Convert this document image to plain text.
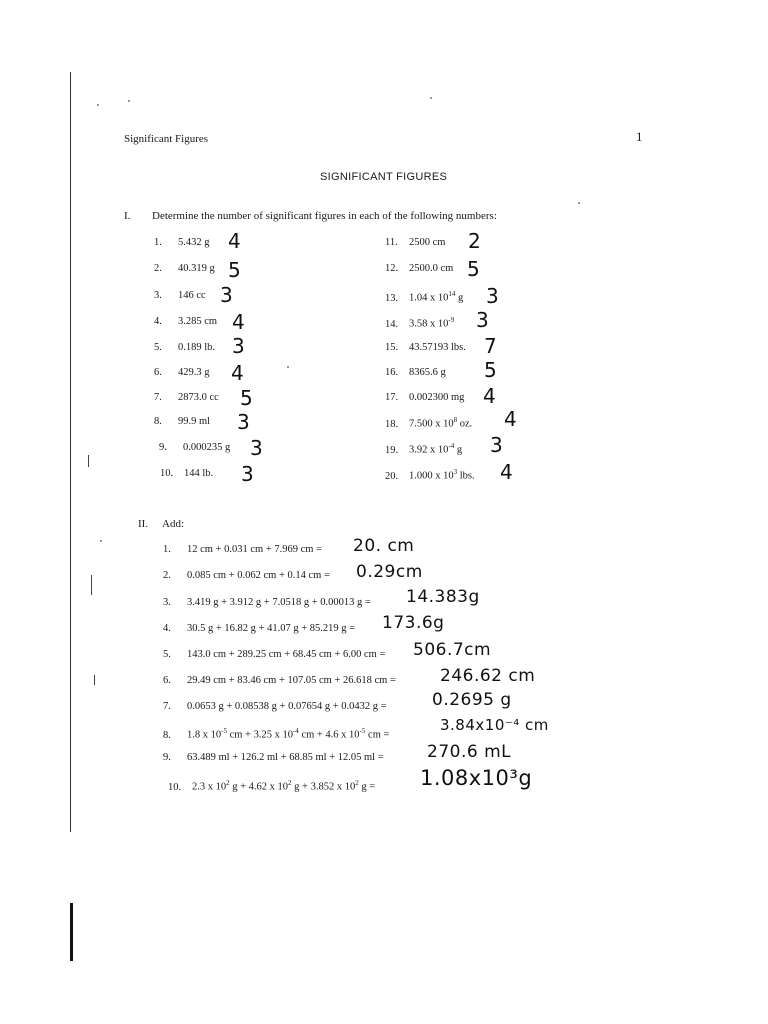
Significant Figures	1
SIGNIFICANT FIGURES
I. Determine the number of significant figures in each of the following numbers:
1. 5.432 g
2. 40.319 g
3. 146 cc
4. 3.285 cm
5. 0.189 lb.
6. 429.3 g
7. 2873.0 cc
8. 99.9 ml
9. 0.000235 g
10. 144 lb.
4
5
3
4
3
4
5
3
3
3
11. 2500 cm
12. 2500.0 cm
13. 1.04 x $10^{14}$ g
14. 3.58 x $10^{-9}$
15. 43.57193 lbs.
16. 8365.6 g
17. 0.002300 mg
18. 7.500 x $10^8$ oz.
19. 3.92 x $10^{-4}$ g
20. 1.000 x $10^3$ lbs.
2
5
3
3
7
5
4
4
3
4
II. Add:
1. 12 cm + 0.031 cm + 7.969 cm =
2. 0.085 cm + 0.062 cm + 0.14 cm =
3. 3.419 g + 3.912 g + 7.0518 g + 0.00013 g =
4. 30.5 g + 16.82 g + 41.07 g + 85.219 g =
5. 143.0 cm + 289.25 cm + 68.45 cm + 6.00 cm =
6. 29.49 cm + 83.46 cm + 107.05 cm + 26.618 cm =
7. 0.0653 g + 0.08538 g + 0.07654 g + 0.0432 g =
8. 1.8 x $10^{-5}$ cm + 3.25 x $10^{-4}$ cm + 4.6 x $10^{-5}$ cm =
9. 63.489 ml + 126.2 ml + 68.85 ml + 12.05 ml =
10. 2.3 x $10^2$ g + 4.62 x $10^2$ g + 3.852 x $10^2$ g =
20. cm
0.29cm
14.383g
173.6g
506.7cm
246.62 cm
0.2695 g
3.84x10⁻⁴ cm
270.6 mL
1.08x10³g
